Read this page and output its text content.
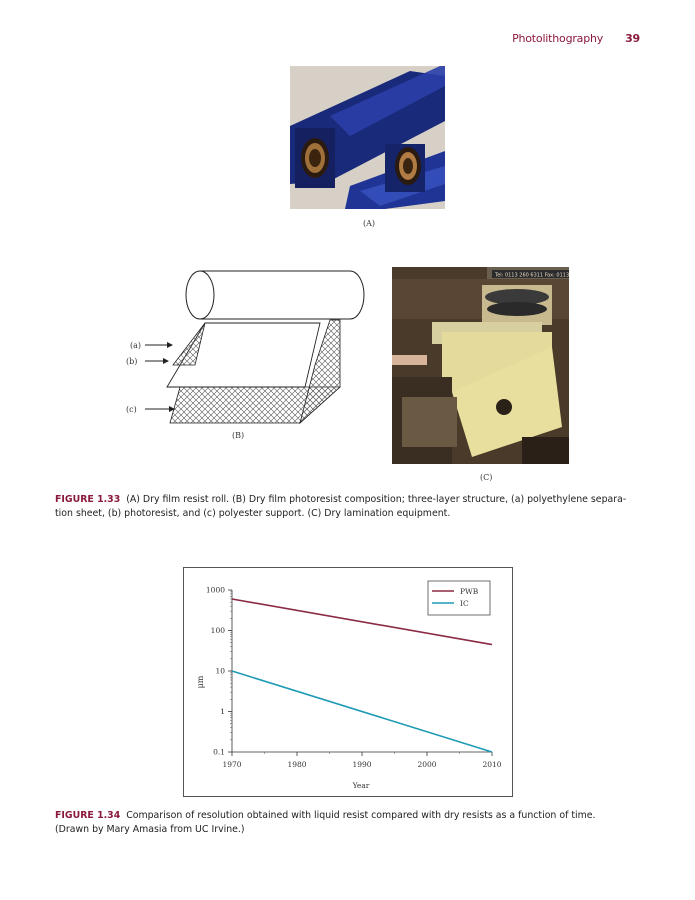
Photolithography 39
(A)
(a)
(b)
(c)
(B)
Tel: 0113 260 6311 Fax: 0113
(C)
FIGURE 1.33 (A) Dry film resist roll. (B) Dry film photoresist composition; three-layer structure, (a) polyethylene separa-
tion sheet, (b) photoresist, and (c) polyester support. (C) Dry lamination equipment.
0.1
1
10
100
1000
1970	1980	1990	2000	2010
PWB
IC
μm
Year
FIGURE 1.34 Comparison of resolution obtained with liquid resist compared with dry resists as a function of time.
(Drawn by Mary Amasia from UC Irvine.)
